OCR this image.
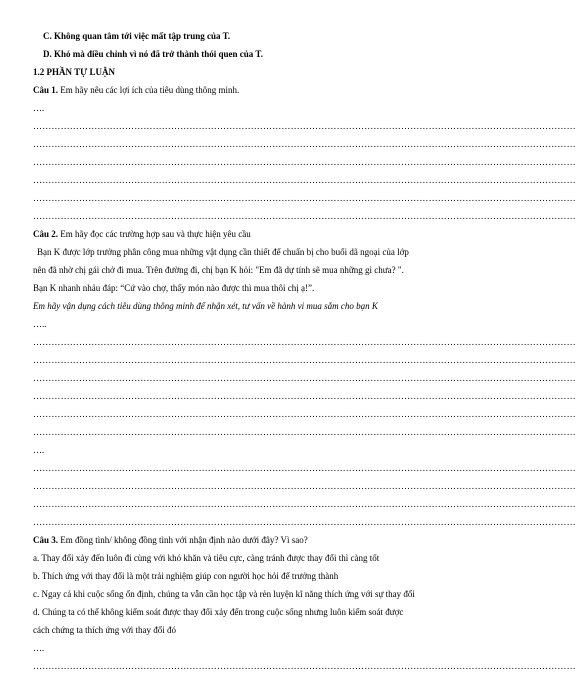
C. Không quan tâm tới việc mất tập trung của T.
D. Khó mà điều chỉnh vì nó đã trở thành thói quen của T.
1.2 PHẦN TỰ LUẬN
Câu 1. Em hãy nêu các lợi ích của tiêu dùng thông minh.
….
……………………………………………………………………………………………………………………………………………………………
……………………………………………………………………………………………………………………………………………………………
……………………………………………………………………………………………………………………………………………………………
……………………………………………………………………………………………………………………………………………………………
……………………………………………………………………………………………………………………………………………………………
……………………………………………………………………………………………………………………………………………………………
Câu 2. Em hãy đọc các trường hợp sau và thực hiện yêu cầu
Bạn K được lớp trưởng phân công mua những vật dụng cần thiết để chuẩn bị cho buổi dã ngoại của lớp
nên đã nhờ chị gái chở đi mua. Trên đường đi, chị bạn K hỏi: "Em đã dự tính sẽ mua những gì chưa? ".
Bạn K nhanh nhảu đáp: “Cứ vào chợ, thấy món nào được thì mua thôi chị ạ!”.
Em hãy vận dụng cách tiêu dùng thông minh để nhận xét, tư vấn về hành vi mua sắm cho bạn K
…..
……………………………………………………………………………………………………………………………………………………………
……………………………………………………………………………………………………………………………………………………………
……………………………………………………………………………………………………………………………………………………………
……………………………………………………………………………………………………………………………………………………………
……………………………………………………………………………………………………………………………………………………………
……………………………………………………………………………………………………………………………………………………………
….
……………………………………………………………………………………………………………………………………………………………
……………………………………………………………………………………………………………………………………………………………
……………………………………………………………………………………………………………………………………………………………
……………………………………………………………………………………………………………………………………………………………
Câu 3. Em đồng tình/ không đồng tình với nhận định nào dưới đây? Vì sao?
a. Thay đổi xảy đến luôn đi cùng với khó khăn và tiêu cực, càng tránh được thay đổi thì càng tốt
b. Thích ứng với thay đổi là một trải nghiệm giúp con người học hỏi để trưởng thành
c. Ngay cả khi cuộc sống ổn định, chúng ta vẫn cần học tập và rèn luyện kĩ năng thích ứng với sự thay đổi
d. Chúng ta có thể không kiểm soát được thay đổi xảy đến trong cuộc sống nhưng luôn kiểm soát được
cách chứng ta thích ứng với thay đổi đó
….
……………………………………………………………………………………………………………………………………………………………
